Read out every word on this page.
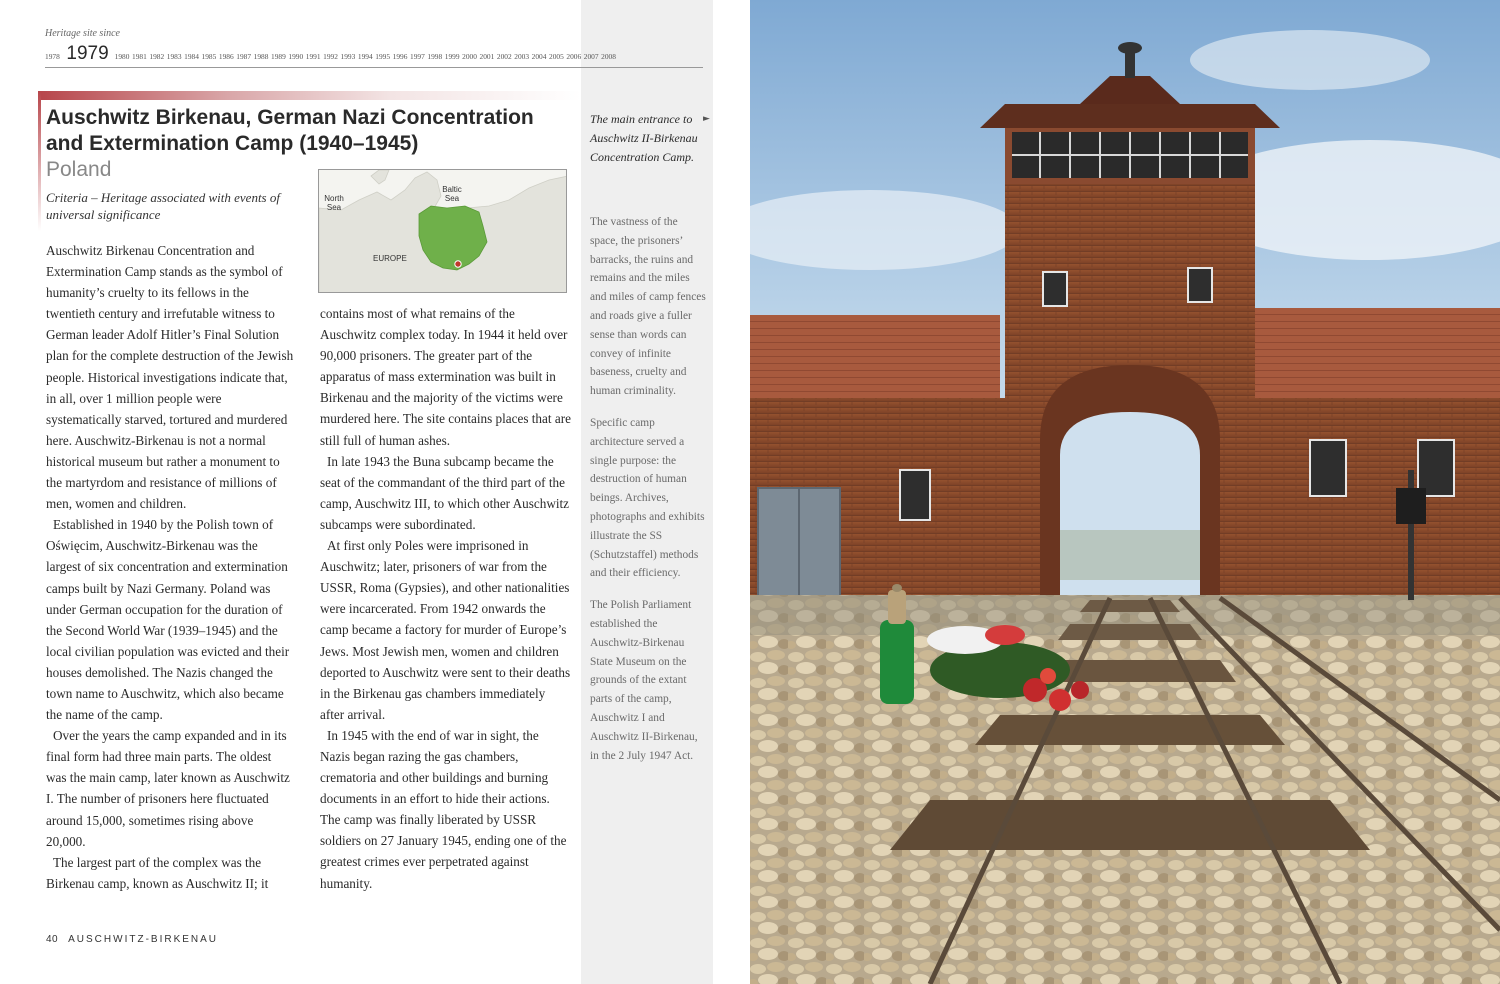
Heritage site since
1978 1979 1980 1981 1982 1983 1984 1985 1986 1987 1988 1989 1990 1991 1992 1993 1994 1995 1996 1997 1998 1999 2000 2001 2002 2003 2004 2005 2006 2007 2008
Auschwitz Birkenau, German Nazi Concentration and Extermination Camp (1940–1945)
Poland
Criteria – Heritage associated with events of universal significance
North Sea
Baltic Sea
EUROPE

Auschwitz Birkenau Concentration and Extermination Camp stands as the symbol of humanity’s cruelty to its fellows in the twentieth century and irrefutable witness to German leader Adolf Hitler’s Final Solution plan for the complete destruction of the Jewish people. Historical investigations indicate that, in all, over 1 million people were systematically starved, tortured and murdered here. Auschwitz-Birkenau is not a normal historical museum but rather a monument to the martyrdom and resistance of millions of men, women and children.

Established in 1940 by the Polish town of Oświęcim, Auschwitz-Birkenau was the largest of six concentration and extermination camps built by Nazi Germany. Poland was under German occupation for the duration of the Second World War (1939–1945) and the local civilian population was evicted and their houses demolished. The Nazis changed the town name to Auschwitz, which also became the name of the camp.

Over the years the camp expanded and in its final form had three main parts. The oldest was the main camp, later known as Auschwitz I. The number of prisoners here fluctuated around 15,000, sometimes rising above 20,000.

The largest part of the complex was the Birkenau camp, known as Auschwitz II; it

contains most of what remains of the Auschwitz complex today. In 1944 it held over 90,000 prisoners. The greater part of the apparatus of mass extermination was built in Birkenau and the majority of the victims were murdered here. The site contains places that are still full of human ashes.

In late 1943 the Buna subcamp became the seat of the commandant of the third part of the camp, Auschwitz III, to which other Auschwitz subcamps were subordinated.

At first only Poles were imprisoned in Auschwitz; later, prisoners of war from the USSR, Roma (Gypsies), and other nationalities were incarcerated. From 1942 onwards the camp became a factory for murder of Europe’s Jews. Most Jewish men, women and children deported to Auschwitz were sent to their deaths in the Birkenau gas chambers immediately after arrival.

In 1945 with the end of war in sight, the Nazis began razing the gas chambers, crematoria and other buildings and burning documents in an effort to hide their actions. The camp was finally liberated by USSR soldiers on 27 January 1945, ending one of the greatest crimes ever perpetrated against humanity.

40 AUSCHWITZ-BIRKENAU
The main entrance to Auschwitz II-Birkenau Concentration Camp.
►

The vastness of the space, the prisoners’ barracks, the ruins and remains and the miles and miles of camp fences and roads give a fuller sense than words can convey of infinite baseness, cruelty and human criminality.

Specific camp architecture served a single purpose: the destruction of human beings. Archives, photographs and exhibits illustrate the SS (Schutzstaffel) methods and their efficiency.

The Polish Parliament established the Auschwitz-Birkenau State Museum on the grounds of the extant parts of the camp, Auschwitz I and Auschwitz II-Birkenau, in the 2 July 1947 Act.
